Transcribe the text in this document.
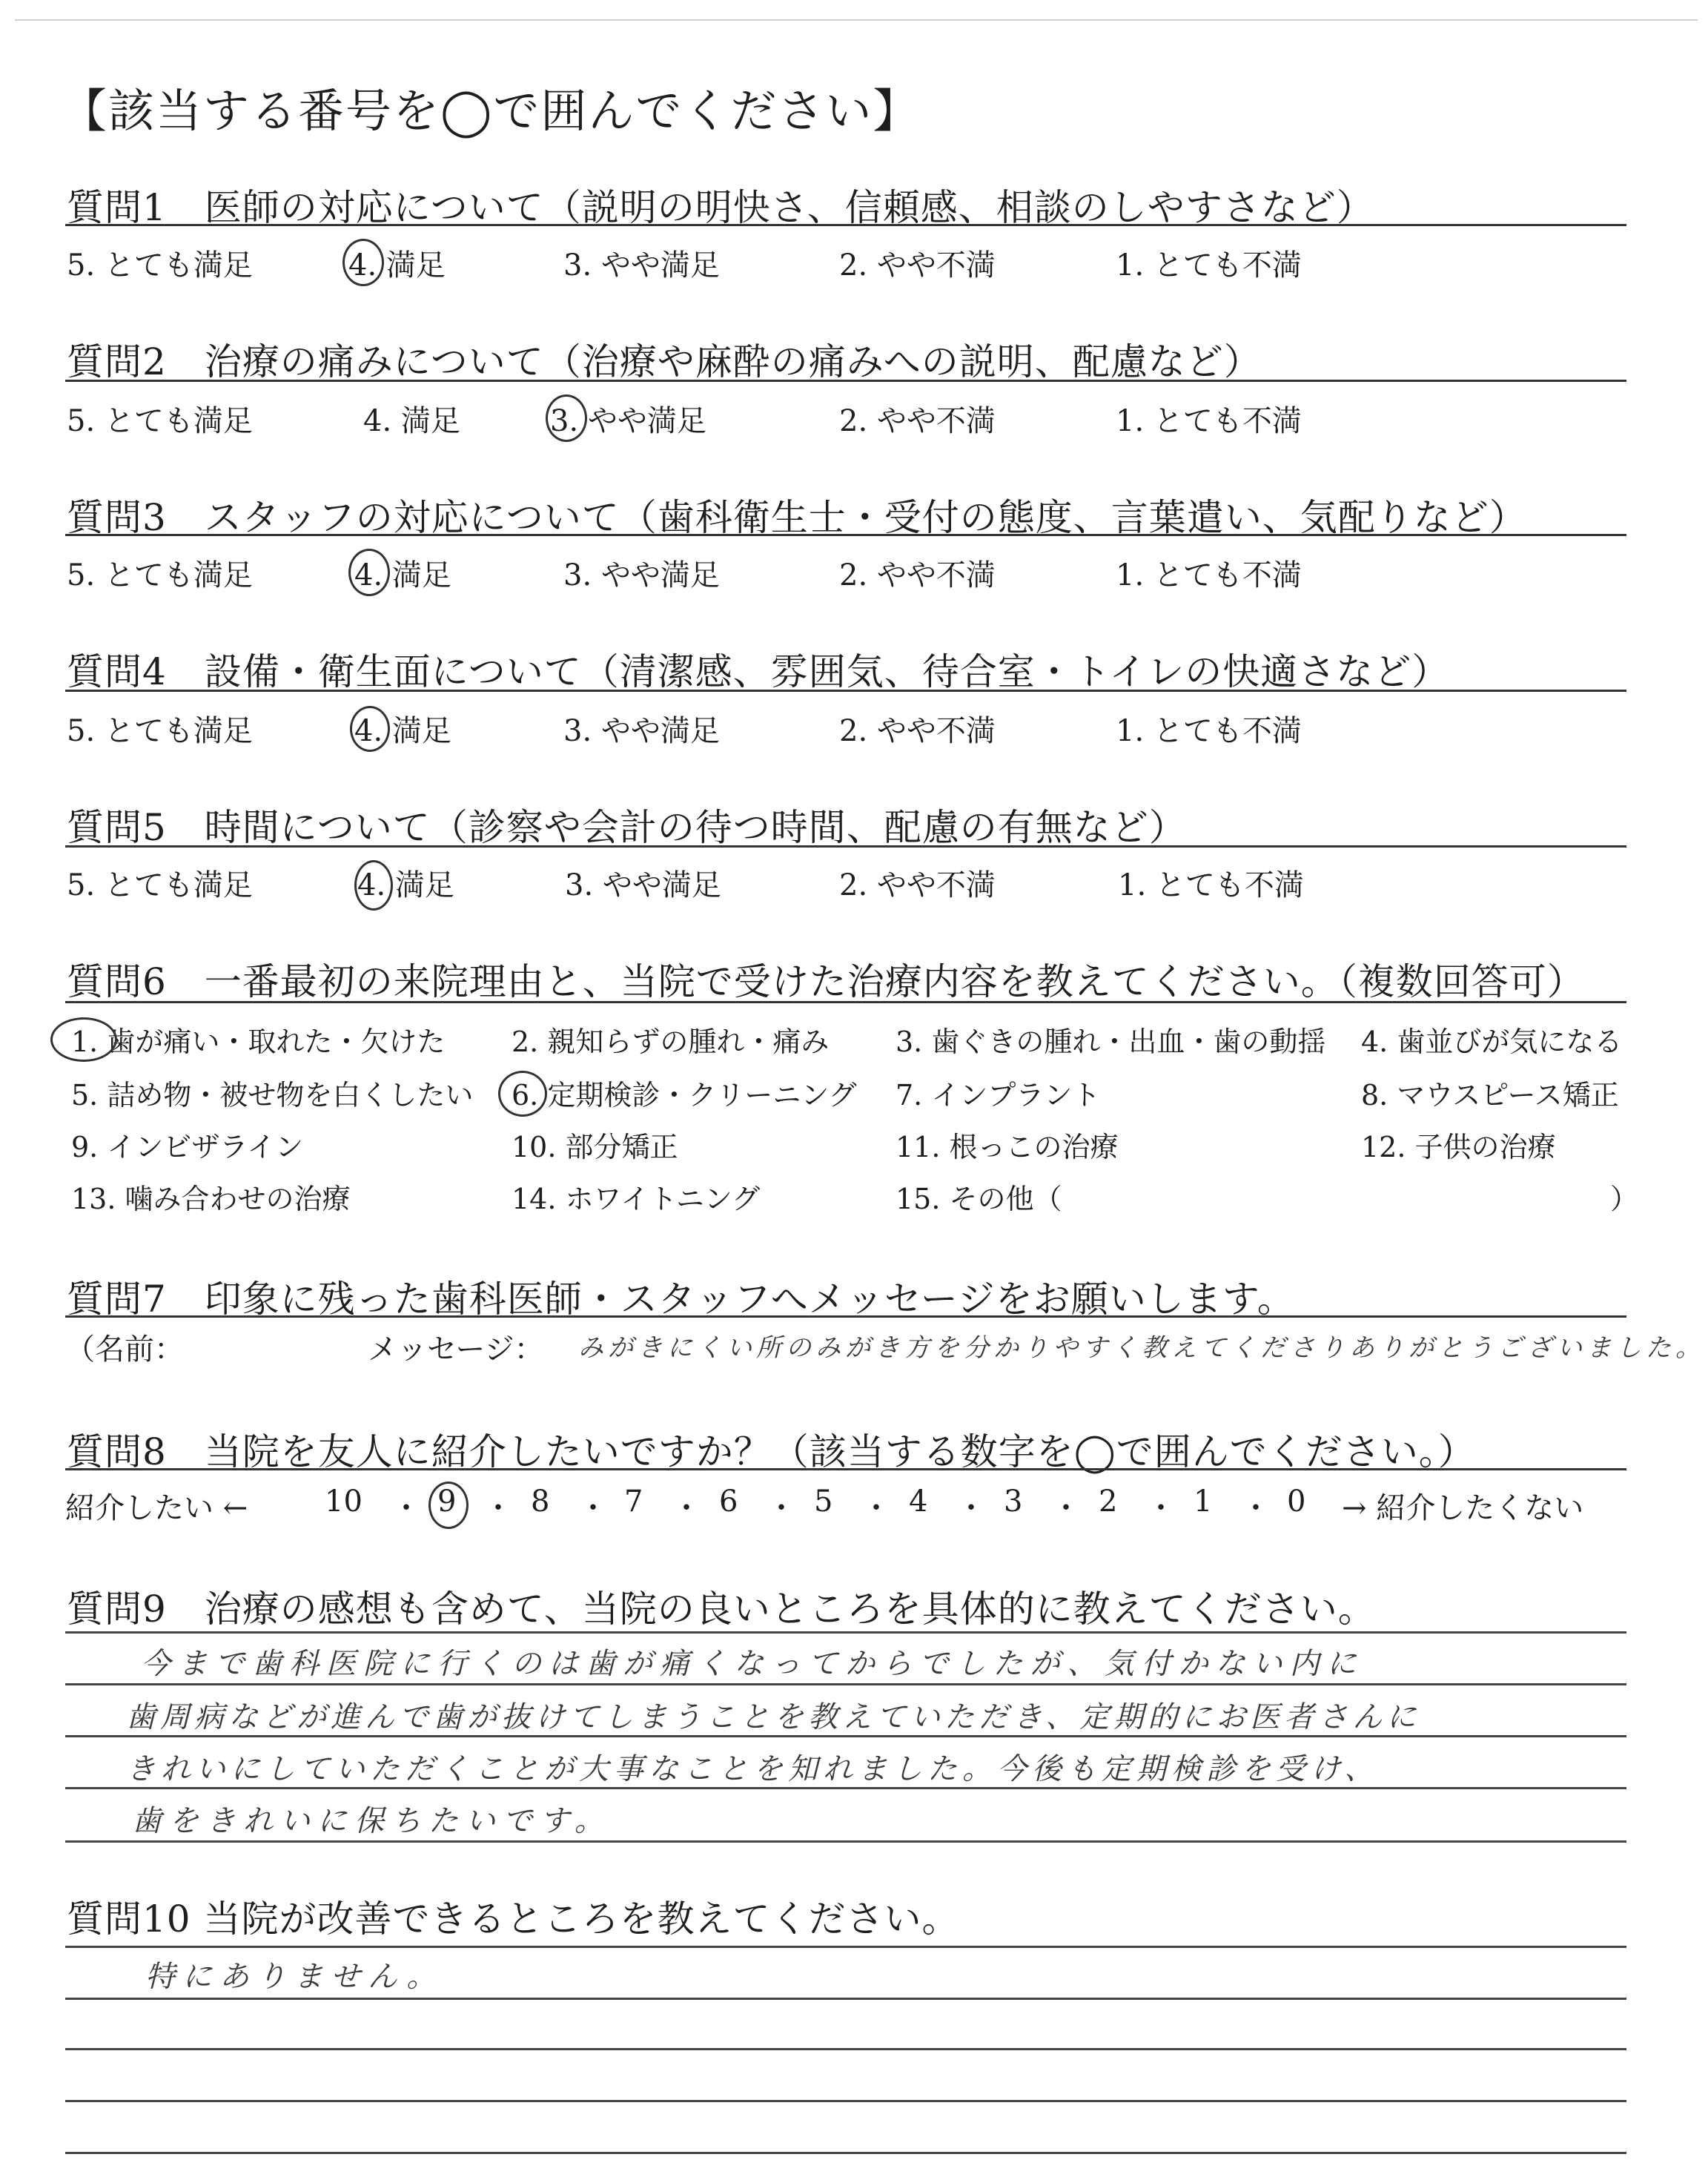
【該当する番号を◯で囲んでください】
質問1　医師の対応について（説明の明快さ、信頼感、相談のしやすさなど）
5. とても満足	4. 満足	3. やや満足	2. やや不満	1. とても不満
質問2　治療の痛みについて（治療や麻酔の痛みへの説明、配慮など）
5. とても満足	4. 満足	3. やや満足	2. やや不満	1. とても不満
質問3　スタッフの対応について（歯科衛生士・受付の態度、言葉遣い、気配りなど）
5. とても満足	4. 満足	3. やや満足	2. やや不満	1. とても不満
質問4　設備・衛生面について（清潔感、雰囲気、待合室・トイレの快適さなど）
5. とても満足	4. 満足	3. やや満足	2. やや不満	1. とても不満
質問5　時間について（診察や会計の待つ時間、配慮の有無など）
5. とても満足	4. 満足	3. やや満足	2. やや不満	1. とても不満
質問6　一番最初の来院理由と、当院で受けた治療内容を教えてください。（複数回答可）
1. 歯が痛い・取れた・欠けた 2. 親知らずの腫れ・痛み 3. 歯ぐきの腫れ・出血・歯の動揺 4. 歯並びが気になる
5. 詰め物・被せ物を白くしたい 6. 定期検診・クリーニング 7. インプラント	8. マウスピース矯正
9. インビザライン	10. 部分矯正	11. 根っこの治療	12. 子供の治療
13. 噛み合わせの治療	14. ホワイトニング	15. その他（	）
質問7　印象に残った歯科医師・スタッフへメッセージをお願いします。
（名前：	メッセージ： みがきにくい所のみがき方を分かりやすく教えてくださりありがとうございました。
質問8　当院を友人に紹介したいですか？（該当する数字を◯で囲んでください。）
紹介したい ←	→ 紹介したくない
10	9	8	7	6	5	4	3	2	1	0
・ ・ ・ ・ ・ ・ ・ ・ ・ ・
質問9　治療の感想も含めて、当院の良いところを具体的に教えてください。
今まで歯科医院に行くのは歯が痛くなってからでしたが、気付かない内に
歯周病などが進んで歯が抜けてしまうことを教えていただき、定期的にお医者さんに
きれいにしていただくことが大事なことを知れました。今後も定期検診を受け、
歯をきれいに保ちたいです。
質問10 当院が改善できるところを教えてください。
特にありません。
